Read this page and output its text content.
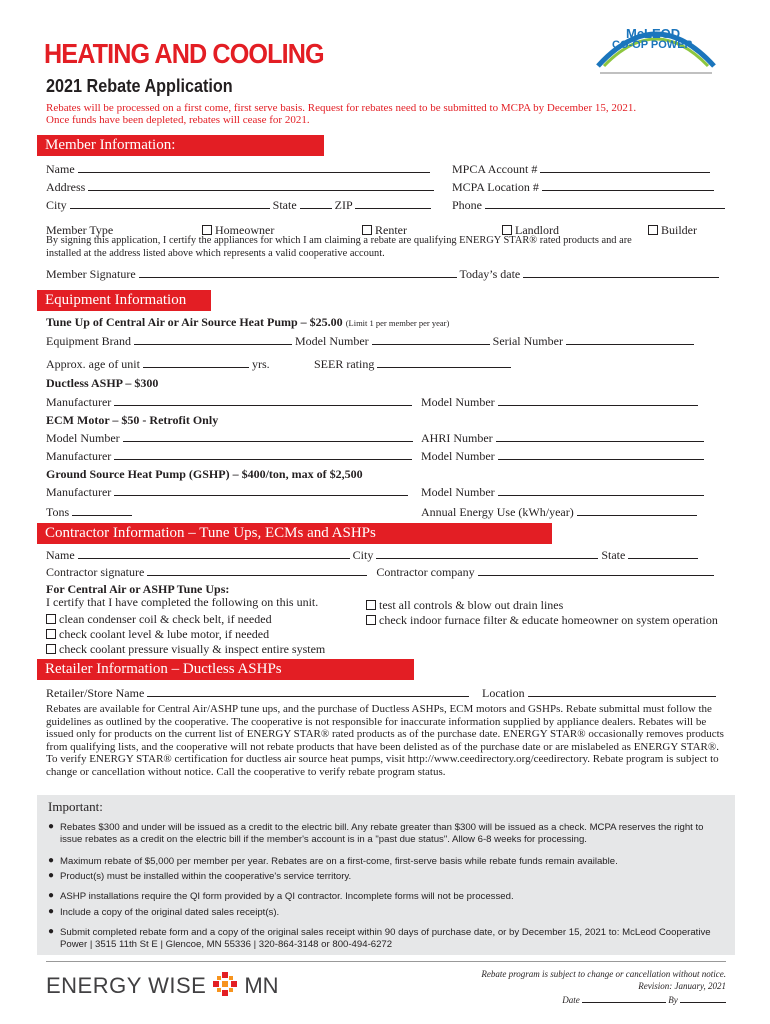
HEATING AND COOLING
2021 Rebate Application
Rebates will be processed on a first come, first serve basis. Request for rebates need to be submitted to MCPA by December 15, 2021.
Once funds have been depleted, rebates will cease for 2021.
McLEOD
CO‑OP POWER
Member Information:
Name	MPCA Account #
Address	MCPA Location #
City	State	ZIP	Phone
Member Type	Homeowner	Renter	Landlord	Builder
By signing this application, I certify the appliances for which I am claiming a rebate are qualifying ENERGY STAR® rated products and are
installed at the address listed above which represents a valid cooperative account.
Member Signature	Today’s date
Equipment Information
Tune Up of Central Air or Air Source Heat Pump – $25.00 (Limit 1 per member per year)
Equipment Brand	Model Number	Serial Number
Approx. age of unit	yrs.	SEER rating
Ductless ASHP – $300
Manufacturer	Model Number
ECM Motor – $50 - Retrofit Only
Model Number	AHRI Number
Manufacturer	Model Number
Ground Source Heat Pump (GSHP) – $400/ton, max of $2,500
Manufacturer	Model Number
Tons	Annual Energy Use (kWh/year)
Contractor Information – Tune Ups, ECMs and ASHPs
Name	City	State
Contractor signature	Contractor company
For Central Air or ASHP Tune Ups:
I certify that I have completed the following on this unit.
clean condenser coil & check belt, if needed
check coolant level & lube motor, if needed
check coolant pressure visually & inspect entire system
test all controls & blow out drain lines
check indoor furnace filter & educate homeowner on system operation
Retailer Information – Ductless ASHPs
Retailer/Store Name	Location
Rebates are available for Central Air/ASHP tune ups, and the purchase of Ductless ASHPs, ECM motors and GSHPs. Rebate submittal must follow the guidelines as outlined by the cooperative. The cooperative is not responsible for inaccurate information supplied by appliance dealers. Rebates will be issued only for products on the current list of ENERGY STAR® rated products as of the purchase date. ENERGY STAR® occasionally removes products from qualifying lists, and the cooperative will not rebate products that have been delisted as of the purchase date or are mislabeled as ENERGY STAR®. To verify ENERGY STAR® certification for ductless air source heat pumps, visit http://www.ceedirectory.org/ceedirectory. Rebate program is subject to change or cancellation without notice. Call the cooperative to verify rebate program status.
Important:
● Rebates $300 and under will be issued as a credit to the electric bill. Any rebate greater than $300 will be issued as a check. MCPA reserves the right to issue rebates as a credit on the electric bill if the member's account is in a "past due status". Allow 6-8 weeks for processing.
● Maximum rebate of $5,000 per member per year. Rebates are on a first-come, first-serve basis while rebate funds remain available.
● Product(s) must be installed within the cooperative's service territory.
● ASHP installations require the QI form provided by a QI contractor. Incomplete forms will not be processed.
● Include a copy of the original dated sales receipt(s).
● Submit completed rebate form and a copy of the original sales receipt within 90 days of purchase date, or by December 15, 2021 to: McLeod Cooperative Power | 3515 11th St E | Glencoe, MN 55336 | 320-864-3148 or 800-494-6272
ENERGY WISE MN	Rebate program is subject to change or cancellation without notice.
Revision: January, 2021
Date	By
